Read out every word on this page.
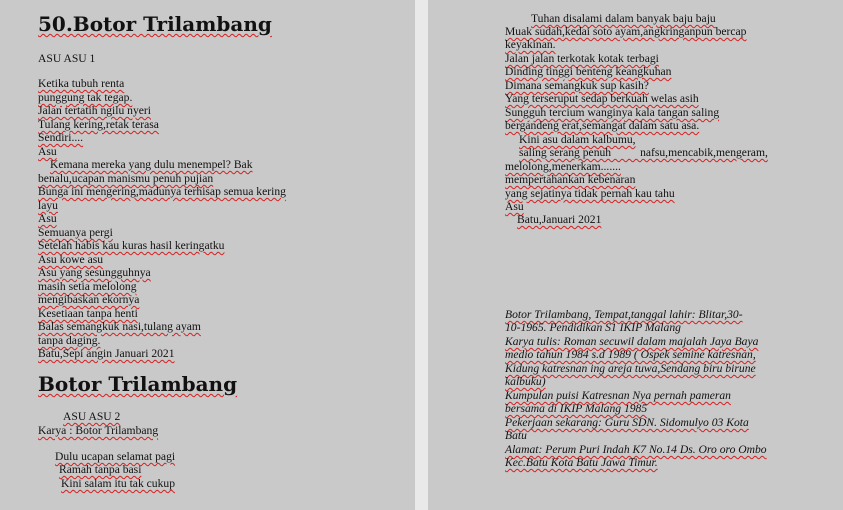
50.Botor Trilambang
ASU ASU 1
Ketika tubuh renta
punggung tak tegap.
Jalan tertatih ngilu nyeri
Tulang kering,retak terasa
Sendiri....
Asu
Kemana mereka yang dulu menempel? Bak
benalu,ucapan manismu penuh pujian
Bunga ini mengering,madunya terhisap semua kering
layu
Asu
Semuanya pergi
Setelah habis kau kuras hasil keringatku
Asu kowe asu
Asu yang sesungguhnya
masih setia melolong
mengibaskan ekornya
Kesetiaan tanpa henti
Balas semangkuk nasi,tulang ayam
tanpa daging.
Batu,Sepi angin Januari 2021
Botor Trilambang
ASU ASU 2
Karya : Botor Trilambang
Dulu ucapan selamat pagi
Ramah tanpa basi
Kini salam itu tak cukup
Tuhan disalami dalam banyak baju baju
Muak sudah,kedai soto ayam,angkringanpun bercap
keyakinan.
Jalan jalan terkotak kotak terbagi
Dinding tinggi benteng keangkuhan
Dimana semangkuk sup kasih?
Yang terseruput sedap berkuah welas asih
Sungguh tercium wanginya kala tangan saling
bergandeng erat,semangat dalam satu asa.
Kini asu dalam kalbumu,
saling serang penuh          nafsu,mencabik,mengeram,
melolong,menerkam.......
mempertahankan kebenaran
yang sejatinya tidak pernah kau tahu
Asu
Batu,Januari 2021
Botor Trilambang, Tempat,tanggal lahir: Blitar,30-
10-1965. Pendidikan S1 IKIP Malang
Karya tulis: Roman secuwil dalam majalah Jaya Baya
medio tahun 1984 s.d 1989 ( Ospek semine katresnan,
Kidung katresnan ing areja tuwa,Sendang biru birune
kalbuku)
Kumpulan puisi Katresnan Nya pernah pameran
bersama di IKIP Malang 1985
Pekerjaan sekarang: Guru SDN. Sidomulyo 03 Kota
Batu
Alamat: Perum Puri Indah K7 No.14 Ds. Oro oro Ombo
Kec.Batu Kota Batu Jawa Timur.
